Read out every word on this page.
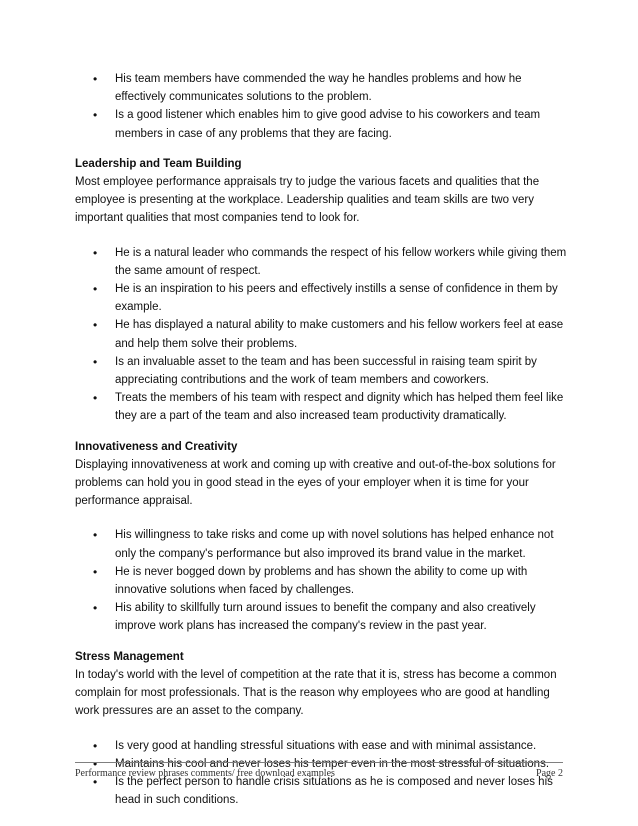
• His team members have commended the way he handles problems and how he effectively communicates solutions to the problem.
• Is a good listener which enables him to give good advise to his coworkers and team members in case of any problems that they are facing.

Leadership and Team Building

Most employee performance appraisals try to judge the various facets and qualities that the employee is presenting at the workplace. Leadership qualities and team skills are two very important qualities that most companies tend to look for.

• He is a natural leader who commands the respect of his fellow workers while giving them the same amount of respect.
• He is an inspiration to his peers and effectively instills a sense of confidence in them by example.
• He has displayed a natural ability to make customers and his fellow workers feel at ease and help them solve their problems.
• Is an invaluable asset to the team and has been successful in raising team spirit by appreciating contributions and the work of team members and coworkers.
• Treats the members of his team with respect and dignity which has helped them feel like they are a part of the team and also increased team productivity dramatically.

Innovativeness and Creativity

Displaying innovativeness at work and coming up with creative and out-of-the-box solutions for problems can hold you in good stead in the eyes of your employer when it is time for your performance appraisal.

• His willingness to take risks and come up with novel solutions has helped enhance not only the company's performance but also improved its brand value in the market.
• He is never bogged down by problems and has shown the ability to come up with innovative solutions when faced by challenges.
• His ability to skillfully turn around issues to benefit the company and also creatively improve work plans has increased the company's review in the past year.

Stress Management

In today's world with the level of competition at the rate that it is, stress has become a common complain for most professionals. That is the reason why employees who are good at handling work pressures are an asset to the company.

• Is very good at handling stressful situations with ease and with minimal assistance.
• Maintains his cool and never loses his temper even in the most stressful of situations.
• Is the perfect person to handle crisis situations as he is composed and never loses his head in such conditions.
Performance review phrases comments/ free download examples	Page 2
